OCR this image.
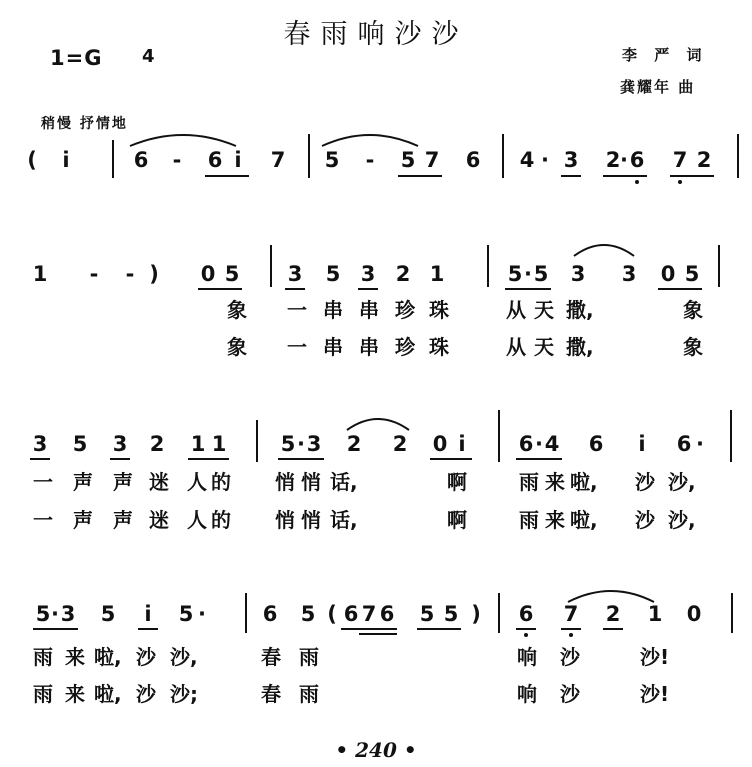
春雨响沙沙
1=G 4	李 严 词
龚耀年 曲
稍慢 抒情地
(	i	6 - 6 i	7 5 - 5 7 6 4 · 3 2 · 6 7 2
1 - - ) 0 5 3 5 3 2 1	5 · 5 3 3 0 5
象 一 串 串 珍 珠	从 天 撒,	象
象 一 串 串 珍 珠	从 天 撒,	象
3 5 3 2 1 1	5 · 3 2 2 0 i	6 · 4 6	i	6 ·
一 声 声 迷 人 的 悄 悄 话,	啊	雨 来 啦,	沙 沙,
一 声 声 迷 人 的 悄 悄 话,	啊	雨 来 啦,	沙 沙,
5 · 3 5	i	5 ·	6 5 ( 6 7 6 5 5 ) 6 7 2 1 0
雨 来 啦, 沙 沙,	春 雨	响 沙	沙!
雨 来 啦, 沙 沙;	春 雨	响 沙	沙!
• 240 •
